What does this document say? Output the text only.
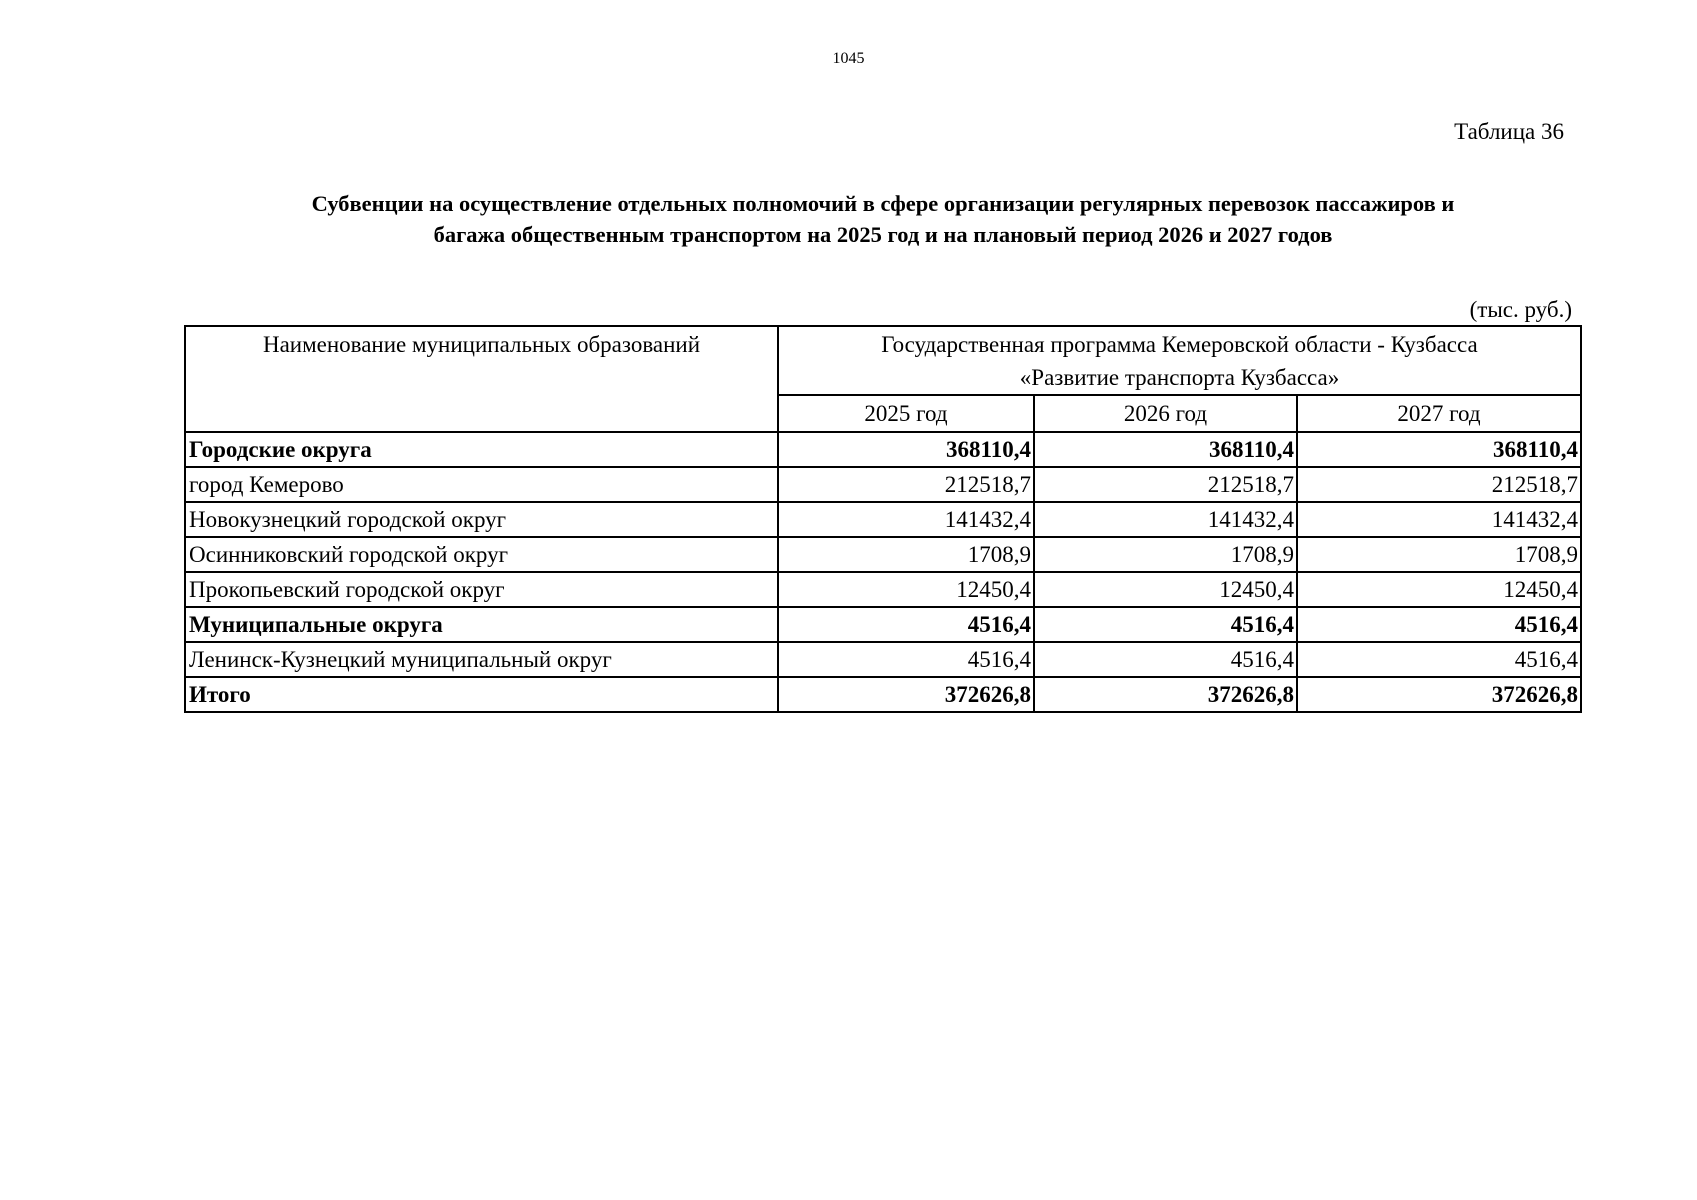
1045
Таблица 36
Субвенции на осуществление отдельных полномочий в сфере организации регулярных перевозок пассажиров и
багажа общественным транспортом на 2025 год и на плановый период 2026 и 2027 годов
(тыс. руб.)
Наименование муниципальных образований	Государственная программа Кемеровской области - Кузбасса
«Развитие транспорта Кузбасса»		

	2025 год	2026 год	2027 год
Городские округа	368110,4	368110,4	368110,4
город Кемерово	212518,7	212518,7	212518,7
Новокузнецкий городской округ	141432,4	141432,4	141432,4
Осинниковский городской округ	1708,9	1708,9	1708,9
Прокопьевский городской округ	12450,4	12450,4	12450,4
Муниципальные округа	4516,4	4516,4	4516,4
Ленинск-Кузнецкий муниципальный округ	4516,4	4516,4	4516,4
Итого	372626,8	372626,8	372626,8
